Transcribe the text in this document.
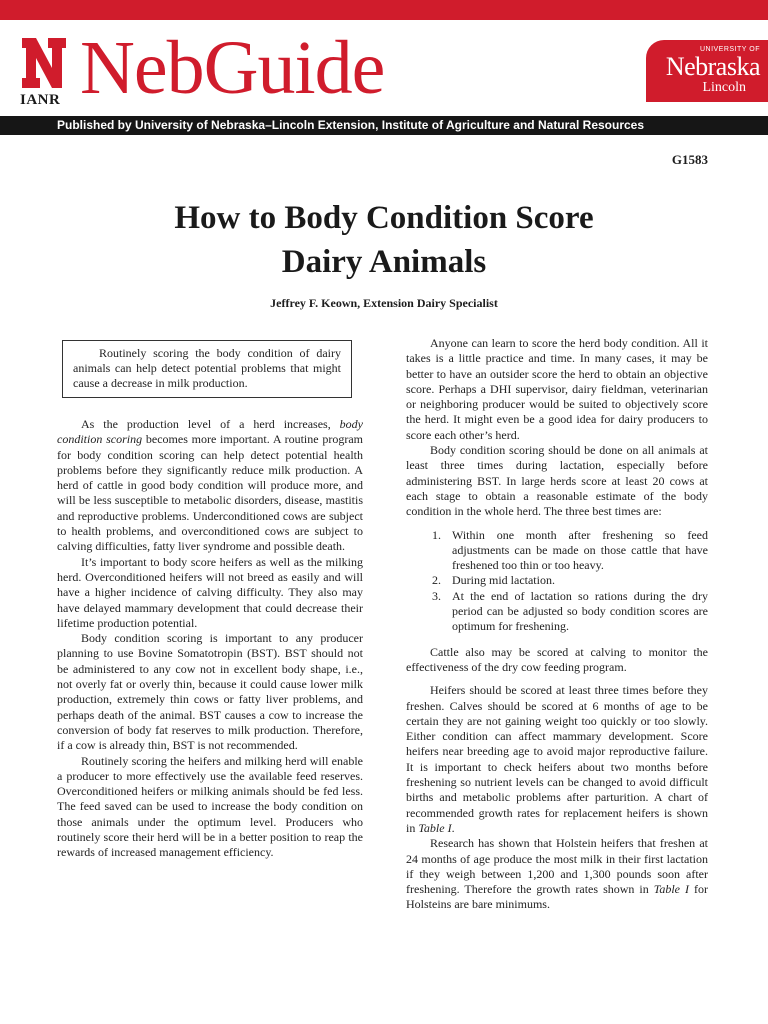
IANR NebGuide	UNIVERSITY OF
Nebraska
Lincoln
Published by University of Nebraska–Lincoln Extension, Institute of Agriculture and Natural Resources
G1583
How to Body Condition Score
Dairy Animals
Jeffrey F. Keown, Extension Dairy Specialist
Routinely scoring the body condition of dairy animals can help detect potential problems that might cause a decrease in milk production.

As the production level of a herd increases, body condition scoring becomes more important. A routine program for body condition scoring can help detect potential health problems before they significantly reduce milk production. A herd of cattle in good body condition will produce more, and will be less susceptible to metabolic disorders, disease, mastitis and reproductive problems. Underconditioned cows are subject to health problems, and overconditioned cows are subject to calving difficulties, fatty liver syndrome and possible death.

It’s important to body score heifers as well as the milking herd. Overconditioned heifers will not breed as easily and will have a higher incidence of calving difficulty. They also may have delayed mammary development that could decrease their lifetime production potential.

Body condition scoring is important to any producer planning to use Bovine Somatotropin (BST). BST should not be administered to any cow not in excellent body shape, i.e., not overly fat or overly thin, because it could cause lower milk production, extremely thin cows or fatty liver problems, and perhaps death of the animal. BST causes a cow to increase the conversion of body fat reserves to milk production. Therefore, if a cow is already thin, BST is not recommended.

Routinely scoring the heifers and milking herd will enable a producer to more effectively use the available feed reserves. Overconditioned heifers or milking animals should be fed less. The feed saved can be used to increase the body condition on those animals under the optimum level. Producers who routinely score their herd will be in a better position to reap the rewards of increased management efficiency.

Anyone can learn to score the herd body condition. All it takes is a little practice and time. In many cases, it may be better to have an outsider score the herd to obtain an objective score. Perhaps a DHI supervisor, dairy fieldman, veterinarian or neighboring producer would be suited to objectively score the herd. It might even be a good idea for dairy producers to score each other’s herd.

Body condition scoring should be done on all animals at least three times during lactation, especially before administering BST. In large herds score at least 20 cows at each stage to obtain a reasonable estimate of the body condition in the whole herd. The three best times are:

1. Within one month after freshening so feed adjustments can be made on those cattle that have freshened too thin or too heavy.
2. During mid lactation.
3. At the end of lactation so rations during the dry period can be adjusted so body condition scores are optimum for freshening.

Cattle also may be scored at calving to monitor the effectiveness of the dry cow feeding program.

Heifers should be scored at least three times before they freshen. Calves should be scored at 6 months of age to be certain they are not gaining weight too quickly or too slowly. Either condition can affect mammary development. Score heifers near breeding age to avoid major reproductive failure. It is important to check heifers about two months before freshening so nutrient levels can be changed to avoid difficult births and metabolic problems after parturition. A chart of recommended growth rates for replacement heifers is shown in Table I.

Research has shown that Holstein heifers that freshen at 24 months of age produce the most milk in their first lactation if they weigh between 1,200 and 1,300 pounds soon after freshening. Therefore the growth rates shown in Table I for Holsteins are bare minimums.
